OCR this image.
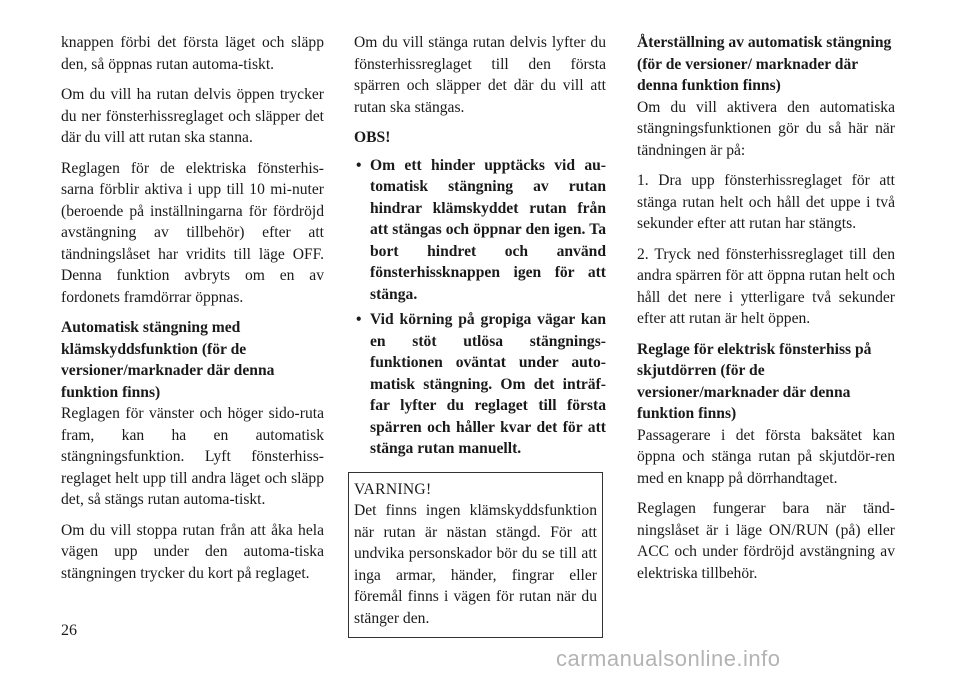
knappen förbi det första läget och släpp den, så öppnas rutan automa-tiskt.

Om du vill ha rutan delvis öppen trycker du ner fönsterhissreglaget och släpper det där du vill att rutan ska stanna.

Reglagen för de elektriska fönsterhis-sarna förblir aktiva i upp till 10 mi-nuter (beroende på inställningarna för fördröjd avstängning av tillbehör) efter att tändningslåset har vridits till läge OFF. Denna funktion avbryts om en av fordonets framdörrar öppnas.

Automatisk stängning med klämskyddsfunktion (för de versioner/marknader där denna funktion finns)

Reglagen för vänster och höger sido-ruta fram, kan ha en automatisk stängningsfunktion. Lyft fönsterhiss-reglaget helt upp till andra läget och släpp det, så stängs rutan automa-tiskt.

Om du vill stoppa rutan från att åka hela vägen upp under den automa-tiska stängningen trycker du kort på reglaget.

Om du vill stänga rutan delvis lyfter du fönsterhissreglaget till den första spärren och släpper det där du vill att rutan ska stängas.

OBS!

• Om ett hinder upptäcks vid au-tomatisk stängning av rutan hindrar klämskyddet rutan från att stängas och öppnar den igen. Ta bort hindret och använd fönsterhissknappen igen för att stänga.
• Vid körning på gropiga vägar kan en stöt utlösa stängnings-funktionen oväntat under auto-matisk stängning. Om det inträf-far lyfter du reglaget till första spärren och håller kvar det för att stänga rutan manuellt.

VARNING!

Det finns ingen klämskyddsfunktion när rutan är nästan stängd. För att undvika personskador bör du se till att inga armar, händer, fingrar eller föremål finns i vägen för rutan när du stänger den.

Återställning av automatisk stängning (för de versioner/ marknader där denna funktion finns)

Om du vill aktivera den automatiska stängningsfunktionen gör du så här när tändningen är på:

1. Dra upp fönsterhissreglaget för att stänga rutan helt och håll det uppe i två sekunder efter att rutan har stängts.

2. Tryck ned fönsterhissreglaget till den andra spärren för att öppna rutan helt och håll det nere i ytterligare två sekunder efter att rutan är helt öppen.

Reglage för elektrisk fönsterhiss på skjutdörren (för de versioner/marknader där denna funktion finns)

Passagerare i det första baksätet kan öppna och stänga rutan på skjutdör-ren med en knapp på dörrhandtaget.

Reglagen fungerar bara när tänd-ningslåset är i läge ON/RUN (på) eller ACC och under fördröjd avstängning av elektriska tillbehör.

26
carmanualsonline.info
